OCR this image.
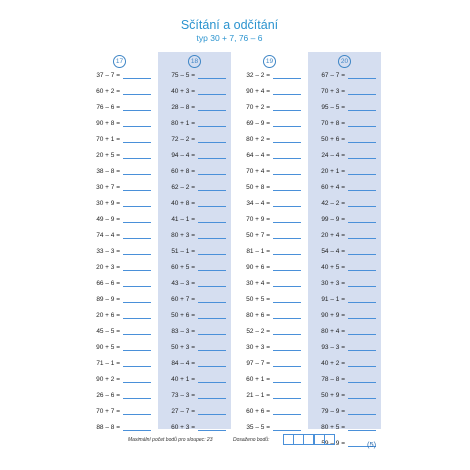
Sčítání a odčítání
typ 30 + 7, 76 – 6
17
37 – 7 =
60 + 2 =
76 – 6 =
90 + 8 =
70 + 1 =
20 + 5 =
38 – 8 =
30 + 7 =
30 + 9 =
49 – 9 =
74 – 4 =
33 – 3 =
20 + 3 =
66 – 6 =
89 – 9 =
20 + 6 =
45 – 5 =
90 + 5 =
71 – 1 =
90 + 2 =
26 – 6 =
70 + 7 =
88 – 8 =
18
75 – 5 =
40 + 3 =
28 – 8 =
80 + 1 =
72 – 2 =
94 – 4 =
60 + 8 =
62 – 2 =
40 + 8 =
41 – 1 =
80 + 3 =
51 – 1 =
60 + 5 =
43 – 3 =
60 + 7 =
50 + 6 =
83 – 3 =
50 + 3 =
84 – 4 =
40 + 1 =
73 – 3 =
27 – 7 =
60 + 3 =
19
32 – 2 =
90 + 4 =
70 + 2 =
69 – 9 =
80 + 2 =
64 – 4 =
70 + 4 =
50 + 8 =
34 – 4 =
70 + 9 =
50 + 7 =
81 – 1 =
90 + 6 =
30 + 4 =
50 + 5 =
80 + 6 =
52 – 2 =
30 + 3 =
97 – 7 =
60 + 1 =
21 – 1 =
60 + 6 =
35 – 5 =
20
67 – 7 =
70 + 3 =
95 – 5 =
70 + 8 =
50 + 6 =
24 – 4 =
20 + 1 =
60 + 4 =
42 – 2 =
99 – 9 =
20 + 4 =
54 – 4 =
40 + 5 =
30 + 3 =
91 – 1 =
90 + 9 =
80 + 4 =
93 – 3 =
40 + 2 =
78 – 8 =
50 + 9 =
79 – 9 =
80 + 5 =
59 – 9 =
Maximální počet bodů pro sloupec: 23	Dosaženo bodů:	(5)
